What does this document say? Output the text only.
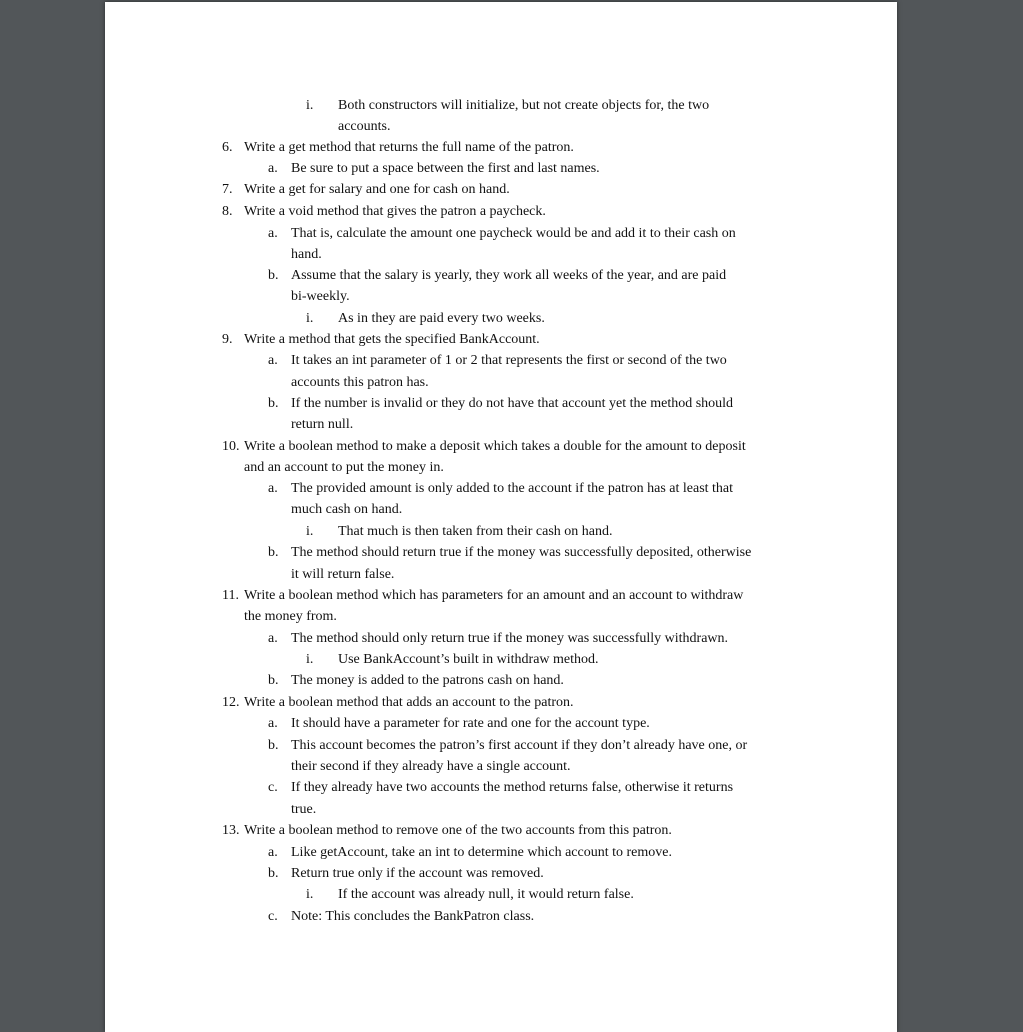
i. Both constructors will initialize, but not create objects for, the two
accounts.
6. Write a get method that returns the full name of the patron.
a. Be sure to put a space between the first and last names.
7. Write a get for salary and one for cash on hand.
8. Write a void method that gives the patron a paycheck.
a. That is, calculate the amount one paycheck would be and add it to their cash on
hand.
b. Assume that the salary is yearly, they work all weeks of the year, and are paid
bi-weekly.
i. As in they are paid every two weeks.
9. Write a method that gets the specified BankAccount.
a. It takes an int parameter of 1 or 2 that represents the first or second of the two
accounts this patron has.
b. If the number is invalid or they do not have that account yet the method should
return null.
10. Write a boolean method to make a deposit which takes a double for the amount to deposit
and an account to put the money in.
a. The provided amount is only added to the account if the patron has at least that
much cash on hand.
i. That much is then taken from their cash on hand.
b. The method should return true if the money was successfully deposited, otherwise
it will return false.
11. Write a boolean method which has parameters for an amount and an account to withdraw
the money from.
a. The method should only return true if the money was successfully withdrawn.
i. Use BankAccount’s built in withdraw method.
b. The money is added to the patrons cash on hand.
12. Write a boolean method that adds an account to the patron.
a. It should have a parameter for rate and one for the account type.
b. This account becomes the patron’s first account if they don’t already have one, or
their second if they already have a single account.
c. If they already have two accounts the method returns false, otherwise it returns
true.
13. Write a boolean method to remove one of the two accounts from this patron.
a. Like getAccount, take an int to determine which account to remove.
b. Return true only if the account was removed.
i. If the account was already null, it would return false.
c. Note: This concludes the BankPatron class.
